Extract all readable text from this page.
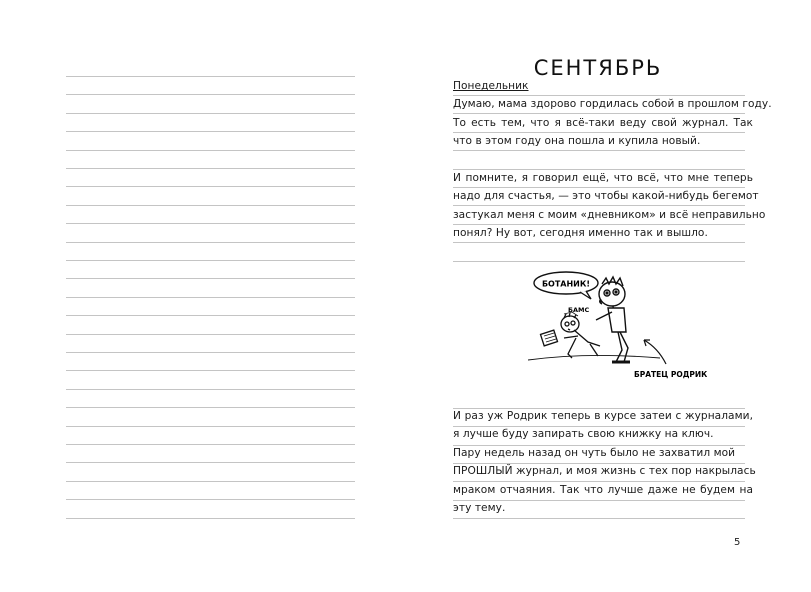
СЕНТЯБРЬ
Понедельник
Думаю, мама здорово гордилась собой в прошлом году.
То есть тем, что я всё-таки веду свой журнал. Так
что в этом году она пошла и купила новый.
И помните, я говорил ещё, что всё, что мне теперь
надо для счастья, — это чтобы какой-нибудь бегемот
застукал меня с моим «дневником» и всё неправильно
понял? Ну вот, сегодня именно так и вышло.
БОТАНИК!
БАМС
БРАТЕЦ РОДРИК
И раз уж Родрик теперь в курсе затеи с журналами,
я лучше буду запирать свою книжку на ключ.
Пару недель назад он чуть было не захватил мой
ПРОШЛЫЙ журнал, и моя жизнь с тех пор накрылась
мраком отчаяния. Так что лучше даже не будем на
эту тему.
5
